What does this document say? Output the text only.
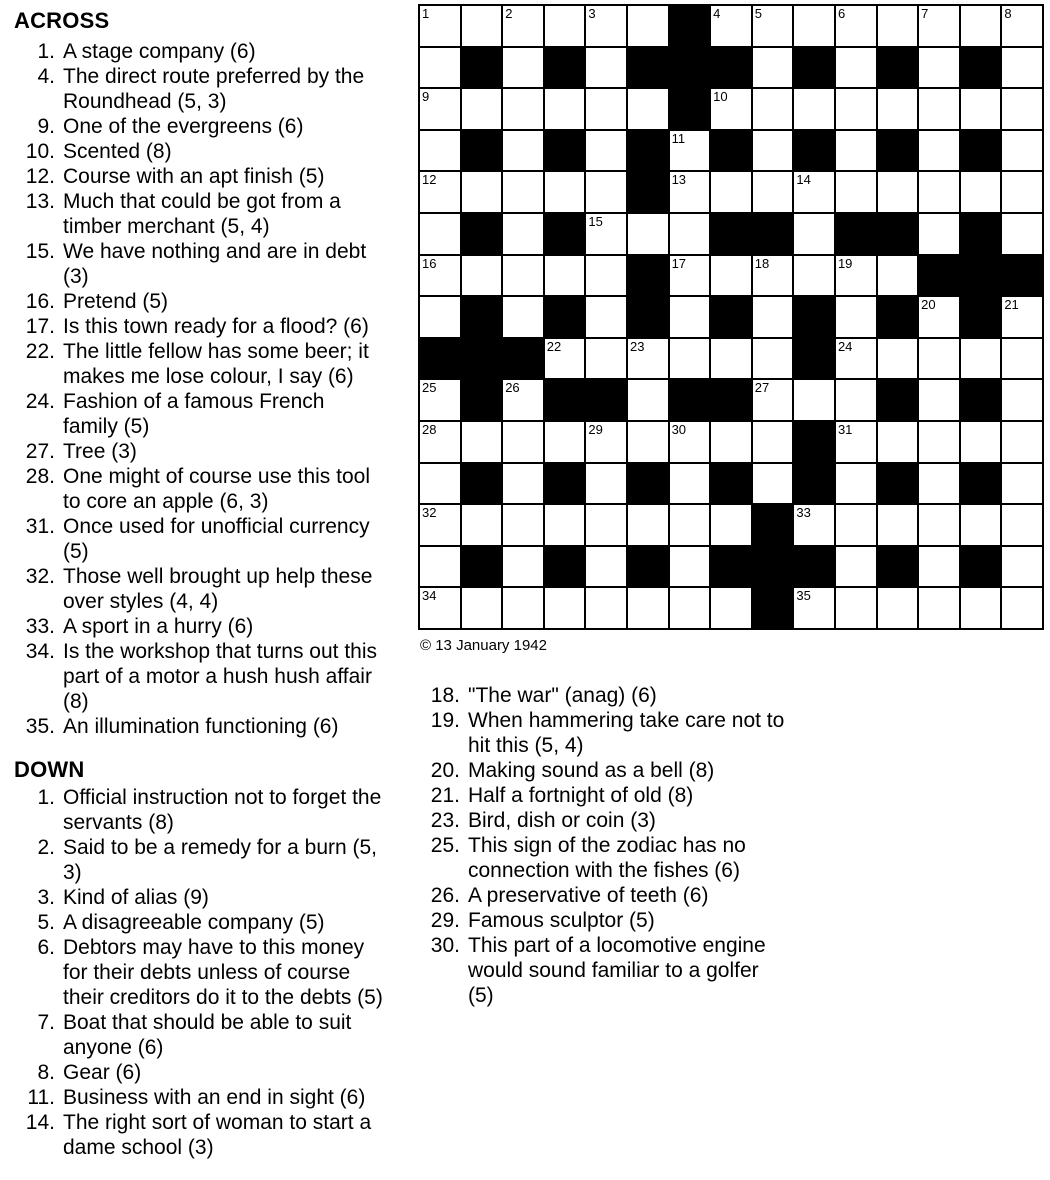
ACROSS
1. A stage company (6)
4. The direct route preferred by the Roundhead (5, 3)
9. One of the evergreens (6)
10. Scented (8)
12. Course with an apt finish (5)
13. Much that could be got from a timber merchant (5, 4)
15. We have nothing and are in debt (3)
16. Pretend (5)
17. Is this town ready for a flood? (6)
22. The little fellow has some beer; it makes me lose colour, I say (6)
24. Fashion of a famous French family (5)
27. Tree (3)
28. One might of course use this tool to core an apple (6, 3)
31. Once used for unofficial currency (5)
32. Those well brought up help these over styles (4, 4)
33. A sport in a hurry (6)
34. Is the workshop that turns out this part of a motor a hush hush affair (8)
35. An illumination functioning (6)
DOWN
1. Official instruction not to forget the servants (8)
2. Said to be a remedy for a burn (5, 3)
3. Kind of alias (9)
5. A disagreeable company (5)
6. Debtors may have to this money for their debts unless of course their creditors do it to the debts (5)
7. Boat that should be able to suit anyone (6)
8. Gear (6)
11. Business with an end in sight (6)
14. The right sort of woman to start a dame school (3)
1	2	3	4	5	6	7	8
9	10
11
12	13	14
15
16	17	18	19
20	21
22	23	24
25	26	27
28	29	30	31
32	33
34	35
© 13 January 1942
18. "The war" (anag) (6)
19. When hammering take care not to hit this (5, 4)
20. Making sound as a bell (8)
21. Half a fortnight of old (8)
23. Bird, dish or coin (3)
25. This sign of the zodiac has no connection with the fishes (6)
26. A preservative of teeth (6)
29. Famous sculptor (5)
30. This part of a locomotive engine would sound familiar to a golfer (5)
